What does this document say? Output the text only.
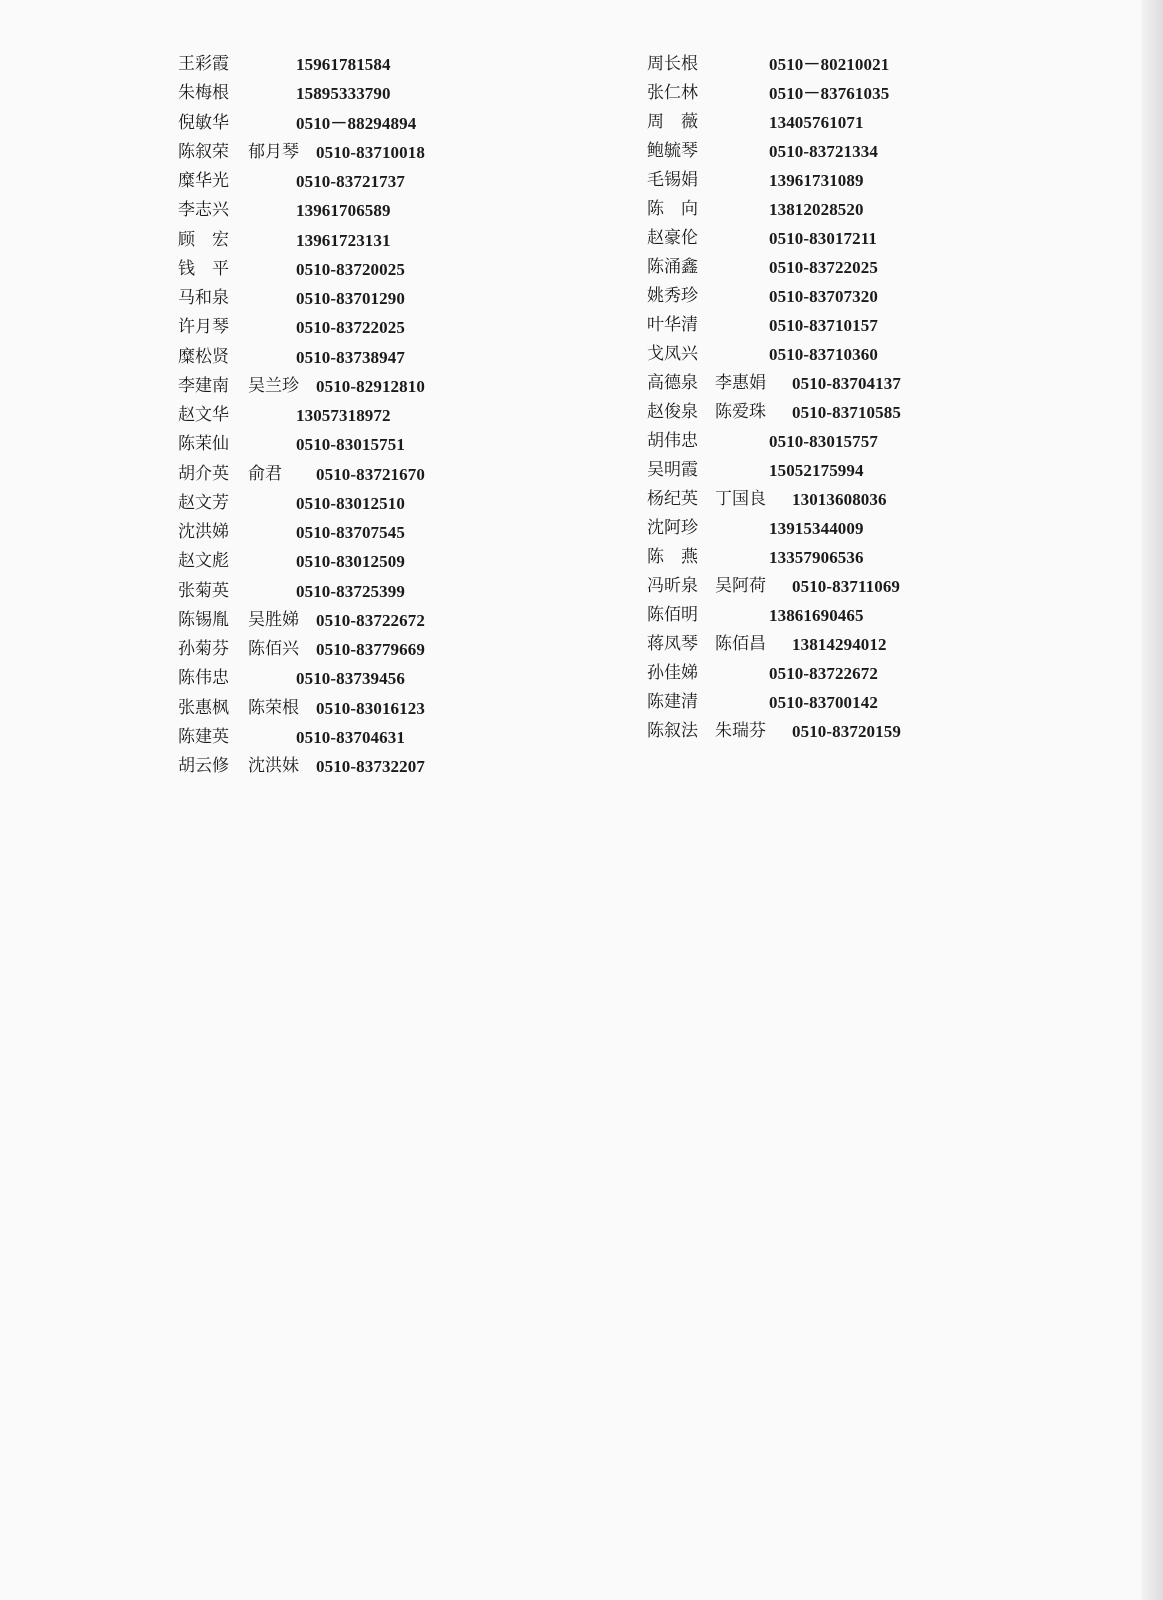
王彩霞	15961781584
朱梅根	15895333790
倪敏华	0510－88294894
陈叙荣 郁月琴 0510-83710018
糜华光	0510-83721737
李志兴	13961706589
顾　宏	13961723131
钱　平	0510-83720025
马和泉	0510-83701290
许月琴	0510-83722025
糜松贤	0510-83738947
李建南 吴兰珍 0510-82912810
赵文华	13057318972
陈茉仙	0510-83015751
胡介英 俞君 0510-83721670
赵文芳	0510-83012510
沈洪娣	0510-83707545
赵文彪	0510-83012509
张菊英	0510-83725399
陈锡胤 吴胜娣 0510-83722672
孙菊芬 陈佰兴 0510-83779669
陈伟忠	0510-83739456
张惠枫 陈荣根 0510-83016123
陈建英	0510-83704631
胡云修 沈洪妹 0510-83732207
周长根	0510－80210021
张仁林	0510－83761035
周　薇	13405761071
鲍毓琴	0510-83721334
毛锡娟	13961731089
陈　向	13812028520
赵豪伦	0510-83017211
陈涌鑫	0510-83722025
姚秀珍	0510-83707320
叶华清	0510-83710157
戈凤兴	0510-83710360
高德泉 李惠娟 0510-83704137
赵俊泉 陈爱珠 0510-83710585
胡伟忠	0510-83015757
吴明霞	15052175994
杨纪英 丁国良 13013608036
沈阿珍	13915344009
陈　燕	13357906536
冯昕泉 吴阿荷 0510-83711069
陈佰明	13861690465
蒋凤琴 陈佰昌 13814294012
孙佳娣	0510-83722672
陈建清	0510-83700142
陈叙法 朱瑞芬 0510-83720159
